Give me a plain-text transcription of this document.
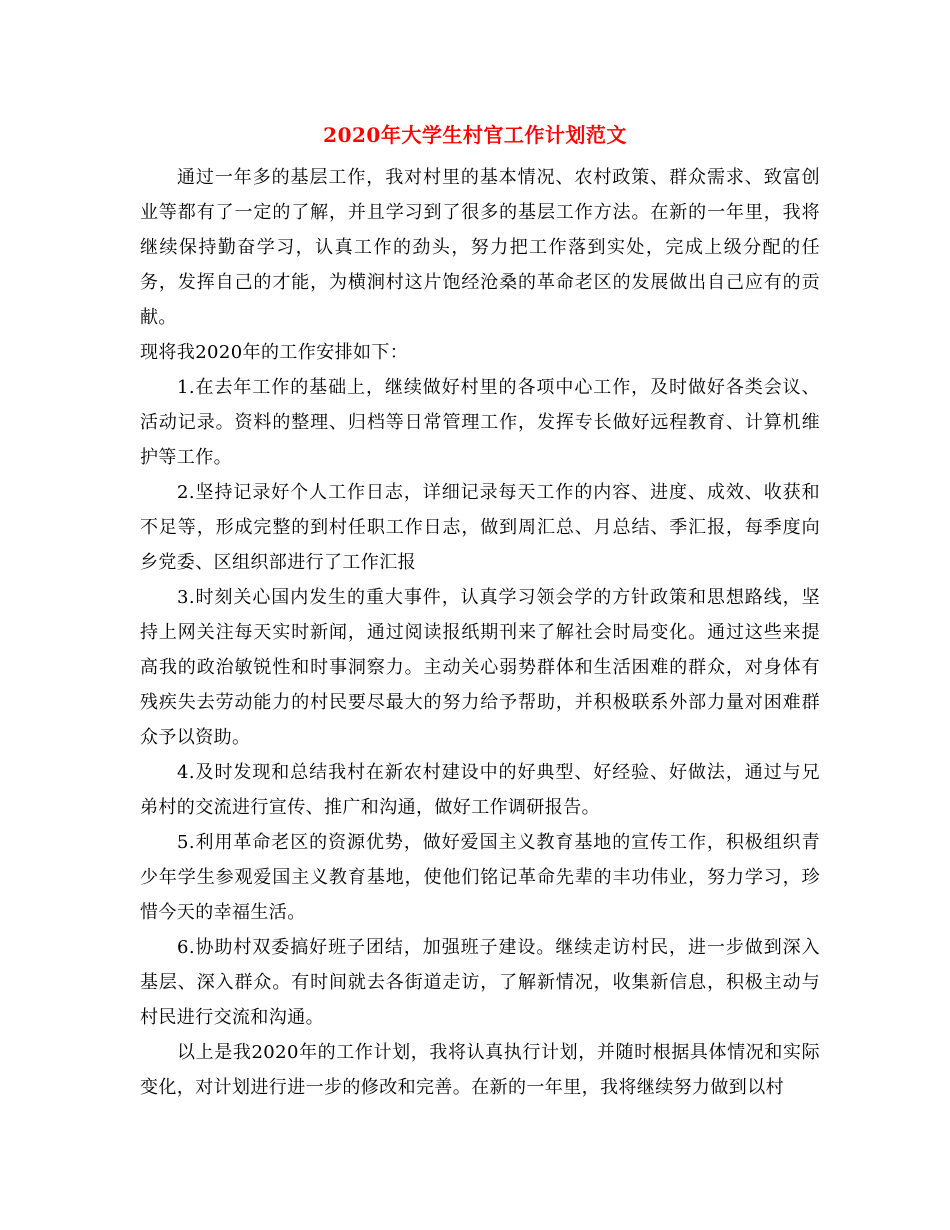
2020年大学生村官工作计划范文

通过一年多的基层工作，我对村里的基本情况、农村政策、群众需求、致富创业等都有了一定的了解，并且学习到了很多的基层工作方法。在新的一年里，我将继续保持勤奋学习，认真工作的劲头，努力把工作落到实处，完成上级分配的任务，发挥自己的才能，为横涧村这片饱经沧桑的革命老区的发展做出自己应有的贡献。

现将我2020年的工作安排如下：

1.在去年工作的基础上，继续做好村里的各项中心工作，及时做好各类会议、活动记录。资料的整理、归档等日常管理工作，发挥专长做好远程教育、计算机维护等工作。

2.坚持记录好个人工作日志，详细记录每天工作的内容、进度、成效、收获和不足等，形成完整的到村任职工作日志，做到周汇总、月总结、季汇报，每季度向乡党委、区组织部进行了工作汇报

3.时刻关心国内发生的重大事件，认真学习领会学的方针政策和思想路线，坚持上网关注每天实时新闻，通过阅读报纸期刊来了解社会时局变化。通过这些来提高我的政治敏锐性和时事洞察力。主动关心弱势群体和生活困难的群众，对身体有残疾失去劳动能力的村民要尽最大的努力给予帮助，并积极联系外部力量对困难群众予以资助。

4.及时发现和总结我村在新农村建设中的好典型、好经验、好做法，通过与兄弟村的交流进行宣传、推广和沟通，做好工作调研报告。

5.利用革命老区的资源优势，做好爱国主义教育基地的宣传工作，积极组织青少年学生参观爱国主义教育基地，使他们铭记革命先辈的丰功伟业，努力学习，珍惜今天的幸福生活。

6.协助村双委搞好班子团结，加强班子建设。继续走访村民，进一步做到深入基层、深入群众。有时间就去各街道走访，了解新情况，收集新信息，积极主动与村民进行交流和沟通。

以上是我2020年的工作计划，我将认真执行计划，并随时根据具体情况和实际变化，对计划进行进一步的修改和完善。在新的一年里，我将继续努力做到以村
